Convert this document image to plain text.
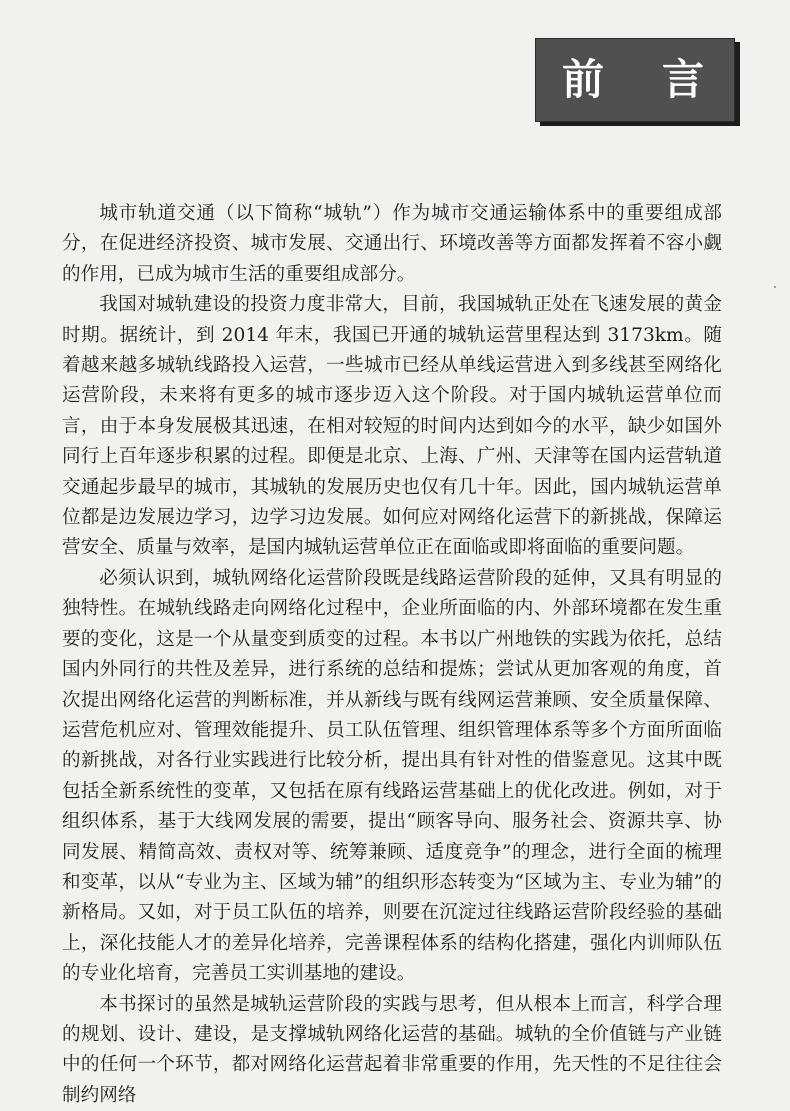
前 言

城市轨道交通（以下简称“城轨”）作为城市交通运输体系中的重要组成部分，在促进经济投资、城市发展、交通出行、环境改善等方面都发挥着不容小觑的作用，已成为城市生活的重要组成部分。

我国对城轨建设的投资力度非常大，目前，我国城轨正处在飞速发展的黄金时期。据统计，到 2014 年末，我国已开通的城轨运营里程达到 3173km。随着越来越多城轨线路投入运营，一些城市已经从单线运营进入到多线甚至网络化运营阶段，未来将有更多的城市逐步迈入这个阶段。对于国内城轨运营单位而言，由于本身发展极其迅速，在相对较短的时间内达到如今的水平，缺少如国外同行上百年逐步积累的过程。即便是北京、上海、广州、天津等在国内运营轨道交通起步最早的城市，其城轨的发展历史也仅有几十年。因此，国内城轨运营单位都是边发展边学习，边学习边发展。如何应对网络化运营下的新挑战，保障运营安全、质量与效率，是国内城轨运营单位正在面临或即将面临的重要问题。

必须认识到，城轨网络化运营阶段既是线路运营阶段的延伸，又具有明显的独特性。在城轨线路走向网络化过程中，企业所面临的内、外部环境都在发生重要的变化，这是一个从量变到质变的过程。本书以广州地铁的实践为依托，总结国内外同行的共性及差异，进行系统的总结和提炼；尝试从更加客观的角度，首次提出网络化运营的判断标准，并从新线与既有线网运营兼顾、安全质量保障、运营危机应对、管理效能提升、员工队伍管理、组织管理体系等多个方面所面临的新挑战，对各行业实践进行比较分析，提出具有针对性的借鉴意见。这其中既包括全新系统性的变革，又包括在原有线路运营基础上的优化改进。例如，对于组织体系，基于大线网发展的需要，提出“顾客导向、服务社会、资源共享、协同发展、精简高效、责权对等、统筹兼顾、适度竞争”的理念，进行全面的梳理和变革，以从“专业为主、区域为辅”的组织形态转变为“区域为主、专业为辅”的新格局。又如，对于员工队伍的培养，则要在沉淀过往线路运营阶段经验的基础上，深化技能人才的差异化培养，完善课程体系的结构化搭建，强化内训师队伍的专业化培育，完善员工实训基地的建设。

本书探讨的虽然是城轨运营阶段的实践与思考，但从根本上而言，科学合理的规划、设计、建设，是支撑城轨网络化运营的基础。城轨的全价值链与产业链中的任何一个环节，都对网络化运营起着非常重要的作用，先天性的不足往往会制约网络
